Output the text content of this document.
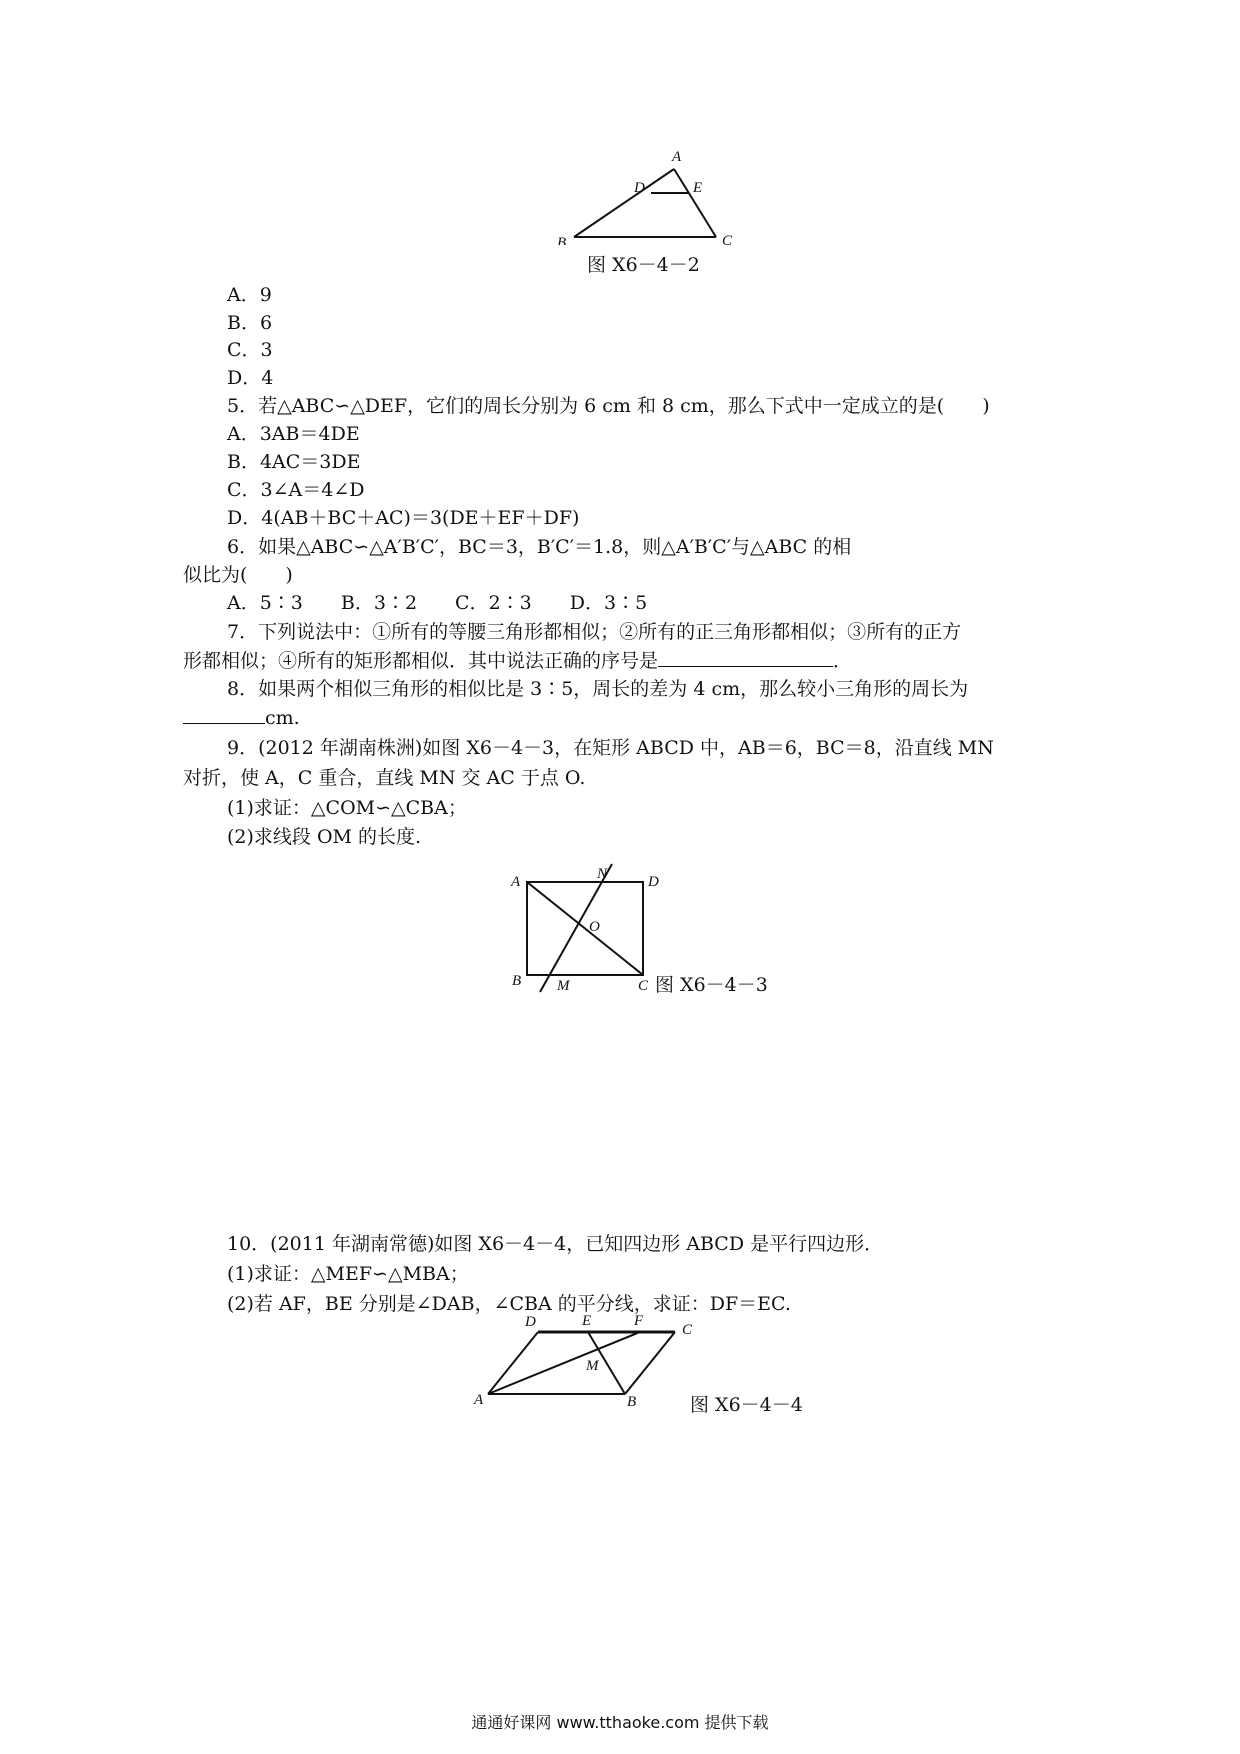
A
B	C
D	E
图 X6－4－2
A．9
B．6
C．3
D．4
5．若△ABC∽△DEF，它们的周长分别为 6 cm 和 8 cm，那么下式中一定成立的是(　　)
A．3AB＝4DE
B．4AC＝3DE
C．3∠A＝4∠D
D．4(AB＋BC＋AC)＝3(DE＋EF＋DF)
6．如果△ABC∽△A′B′C′，BC＝3，B′C′＝1.8，则△A′B′C′与△ABC 的相
似比为(　　)
A．5∶3　　B．3∶2　　C．2∶3　　D．3∶5
7．下列说法中：①所有的等腰三角形都相似；②所有的正三角形都相似；③所有的正方
形都相似；④所有的矩形都相似．其中说法正确的序号是	．
8．如果两个相似三角形的相似比是 3∶5，周长的差为 4 cm，那么较小三角形的周长为
cm.
9．(2012 年湖南株洲)如图 X6－4－3，在矩形 ABCD 中，AB＝6，BC＝8，沿直线 MN
对折，使 A，C 重合，直线 MN 交 AC 于点 O.
(1)求证：△COM∽△CBA；
(2)求线段 OM 的长度.
A	D
B	C
N
O
M	图 X6－4－3
10．(2011 年湖南常德)如图 X6－4－4，已知四边形 ABCD 是平行四边形．
(1)求证：△MEF∽△MBA；
(2)若 AF，BE 分别是∠DAB，∠CBA 的平分线，求证：DF＝EC.
D	E	F
C
M
A	B	图 X6－4－4
通通好课网 www.tthaoke.com 提供下载
